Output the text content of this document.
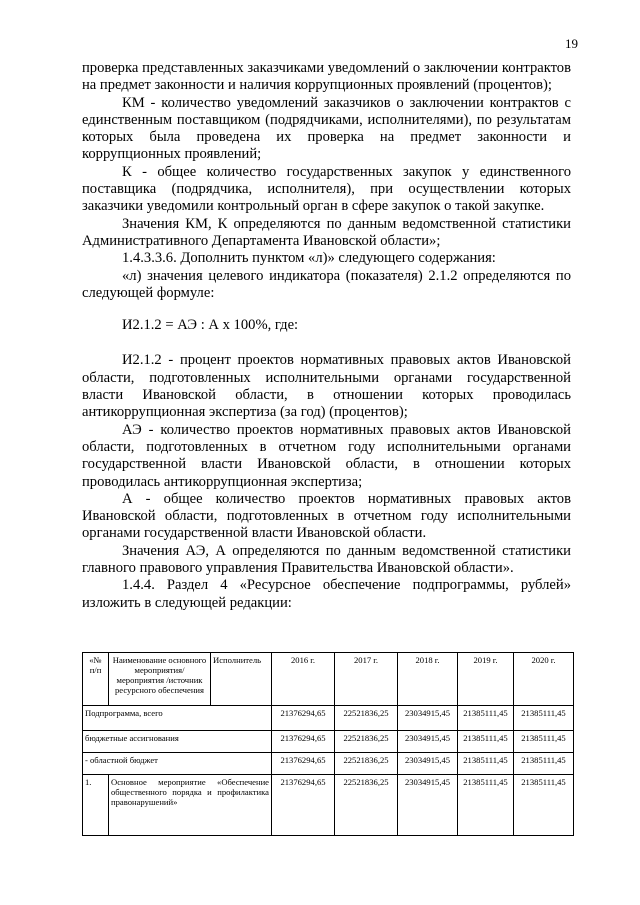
19

проверка представленных заказчиками уведомлений о заключении контрактов на предмет законности и наличия коррупционных проявлений (процентов);

КМ - количество уведомлений заказчиков о заключении контрактов с единственным поставщиком (подрядчиками, исполнителями), по результатам которых была проведена их проверка на предмет законности и коррупционных проявлений;

К - общее количество государственных закупок у единственного поставщика (подрядчика, исполнителя), при осуществлении которых заказчики уведомили контрольный орган в сфере закупок о такой закупке.

Значения КМ, К определяются по данным ведомственной статистики Административного Департамента Ивановской области»;

1.4.3.3.6. Дополнить пунктом «л)» следующего содержания:

«л) значения целевого индикатора (показателя) 2.1.2 определяются по следующей формуле:

И2.1.2 = АЭ : А х 100%, где:

И2.1.2 - процент проектов нормативных правовых актов Ивановской области, подготовленных исполнительными органами государственной власти Ивановской области, в отношении которых проводилась антикоррупционная экспертиза (за год) (процентов);

АЭ - количество проектов нормативных правовых актов Ивановской области, подготовленных в отчетном году исполнительными органами государственной власти Ивановской области, в отношении которых проводилась антикоррупционная экспертиза;

А - общее количество проектов нормативных правовых актов Ивановской области, подготовленных в отчетном году исполнительными органами государственной власти Ивановской области.

Значения АЭ, А определяются по данным ведомственной статистики главного правового управления Правительства Ивановской области».

1.4.4. Раздел 4 «Ресурсное обеспечение подпрограммы, рублей» изложить в следующей редакции:

«№ п/п	Наименование основного мероприятия/мероприятия /источник ресурсного обеспечения	Исполнитель	2016 г.	2017 г.	2018 г.	2019 г.	2020 г.
Подпрограмма, всего			21376294,65	22521836,25	23034915,45	21385111,45	21385111,45
бюджетные ассигнования			21376294,65	22521836,25	23034915,45	21385111,45	21385111,45
- областной бюджет			21376294,65	22521836,25	23034915,45	21385111,45	21385111,45
1.	Основное мероприятие «Обеспечение общественного порядка и профилактика правонарушений»		21376294,65	22521836,25	23034915,45	21385111,45	21385111,45
